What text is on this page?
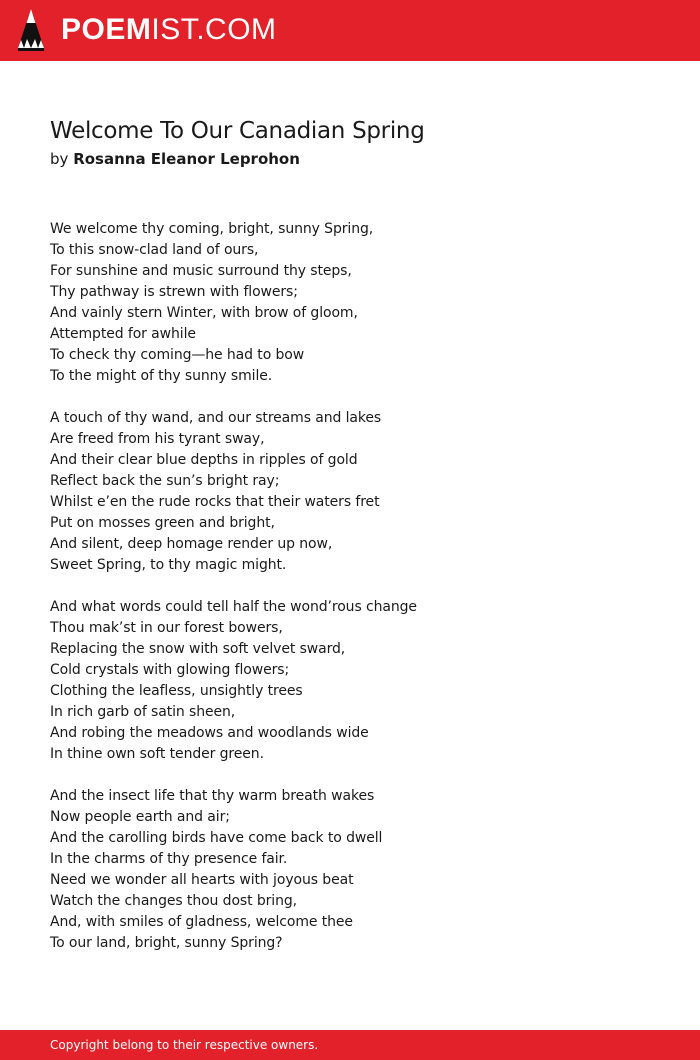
POEMIST.COM
Welcome To Our Canadian Spring
by Rosanna Eleanor Leprohon
We welcome thy coming, bright, sunny Spring,
To this snow-clad land of ours,
For sunshine and music surround thy steps,
Thy pathway is strewn with flowers;
And vainly stern Winter, with brow of gloom,
Attempted for awhile
To check thy coming—he had to bow
To the might of thy sunny smile.
A touch of thy wand, and our streams and lakes
Are freed from his tyrant sway,
And their clear blue depths in ripples of gold
Reflect back the sun’s bright ray;
Whilst e’en the rude rocks that their waters fret
Put on mosses green and bright,
And silent, deep homage render up now,
Sweet Spring, to thy magic might.
And what words could tell half the wond’rous change
Thou mak’st in our forest bowers,
Replacing the snow with soft velvet sward,
Cold crystals with glowing flowers;
Clothing the leafless, unsightly trees
In rich garb of satin sheen,
And robing the meadows and woodlands wide
In thine own soft tender green.
And the insect life that thy warm breath wakes
Now people earth and air;
And the carolling birds have come back to dwell
In the charms of thy presence fair.
Need we wonder all hearts with joyous beat
Watch the changes thou dost bring,
And, with smiles of gladness, welcome thee
To our land, bright, sunny Spring?
Copyright belong to their respective owners.
